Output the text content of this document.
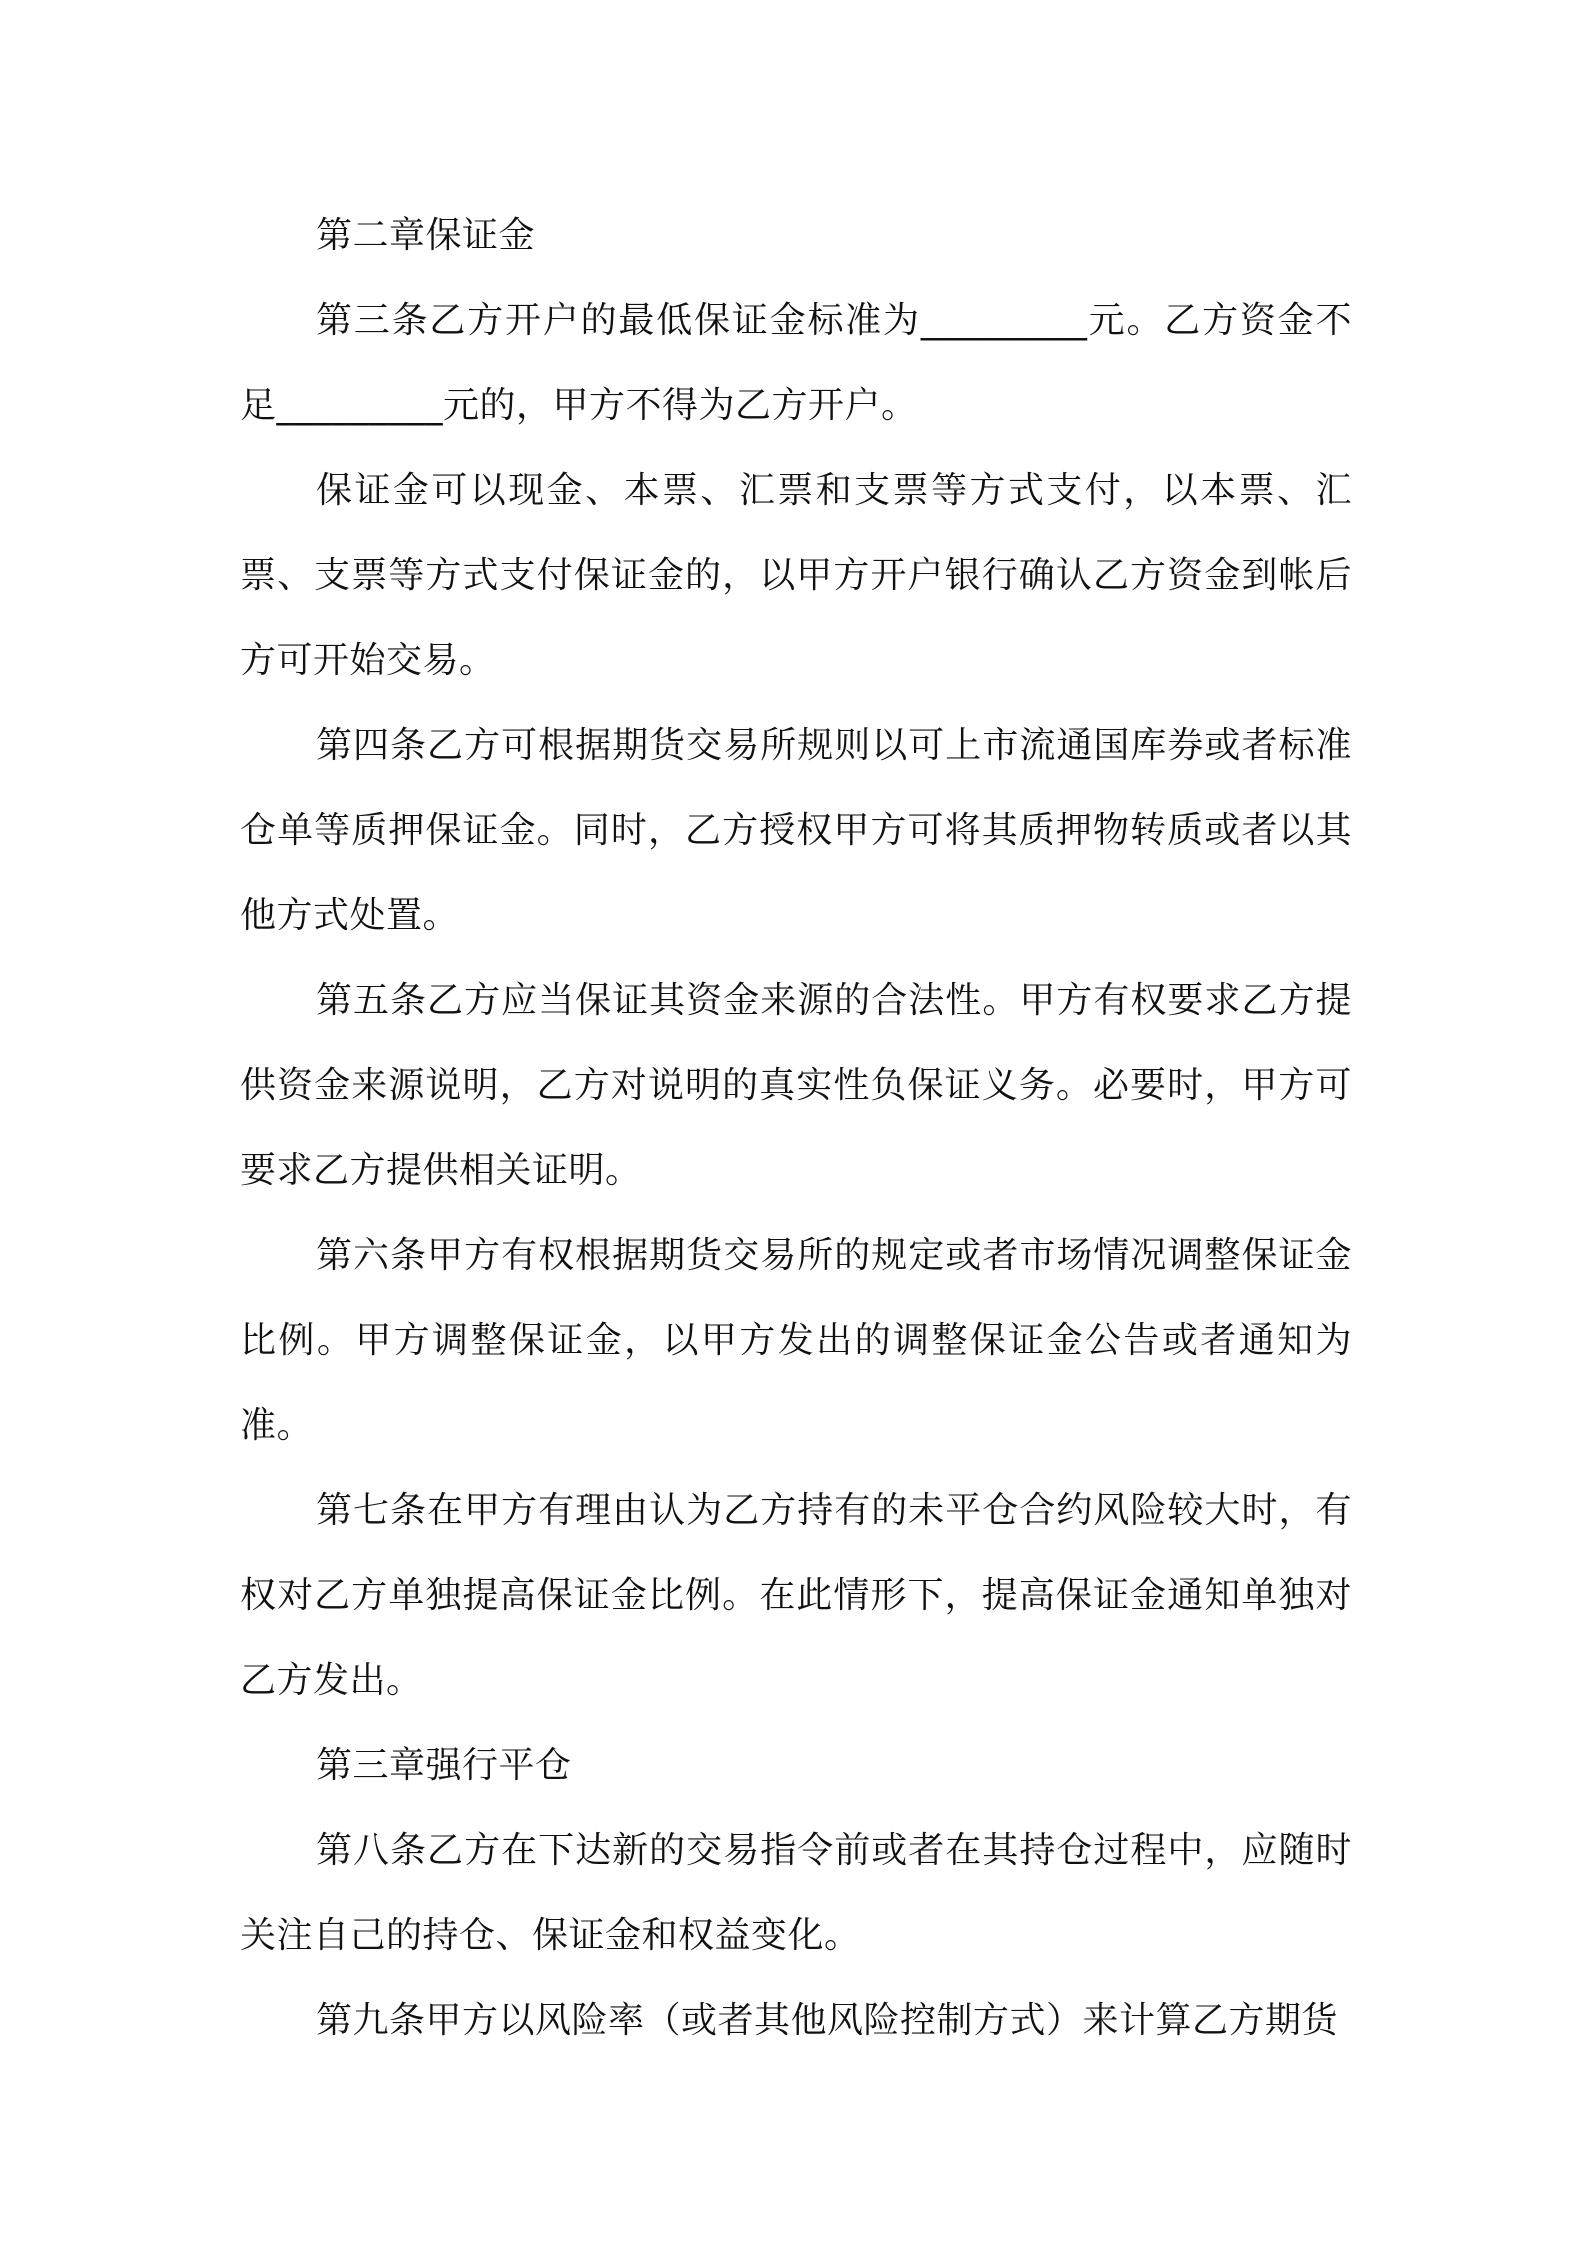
第二章保证金

第三条乙方开户的最低保证金标准为_________元。乙方资金不足_________元的，甲方不得为乙方开户。

保证金可以现金、本票、汇票和支票等方式支付，以本票、汇票、支票等方式支付保证金的，以甲方开户银行确认乙方资金到帐后方可开始交易。

第四条乙方可根据期货交易所规则以可上市流通国库券或者标准仓单等质押保证金。同时，乙方授权甲方可将其质押物转质或者以其他方式处置。

第五条乙方应当保证其资金来源的合法性。甲方有权要求乙方提供资金来源说明，乙方对说明的真实性负保证义务。必要时，甲方可要求乙方提供相关证明。

第六条甲方有权根据期货交易所的规定或者市场情况调整保证金比例。甲方调整保证金，以甲方发出的调整保证金公告或者通知为准。

第七条在甲方有理由认为乙方持有的未平仓合约风险较大时，有权对乙方单独提高保证金比例。在此情形下，提高保证金通知单独对乙方发出。

第三章强行平仓

第八条乙方在下达新的交易指令前或者在其持仓过程中，应随时关注自己的持仓、保证金和权益变化。

第九条甲方以风险率（或者其他风险控制方式）来计算乙方期货
